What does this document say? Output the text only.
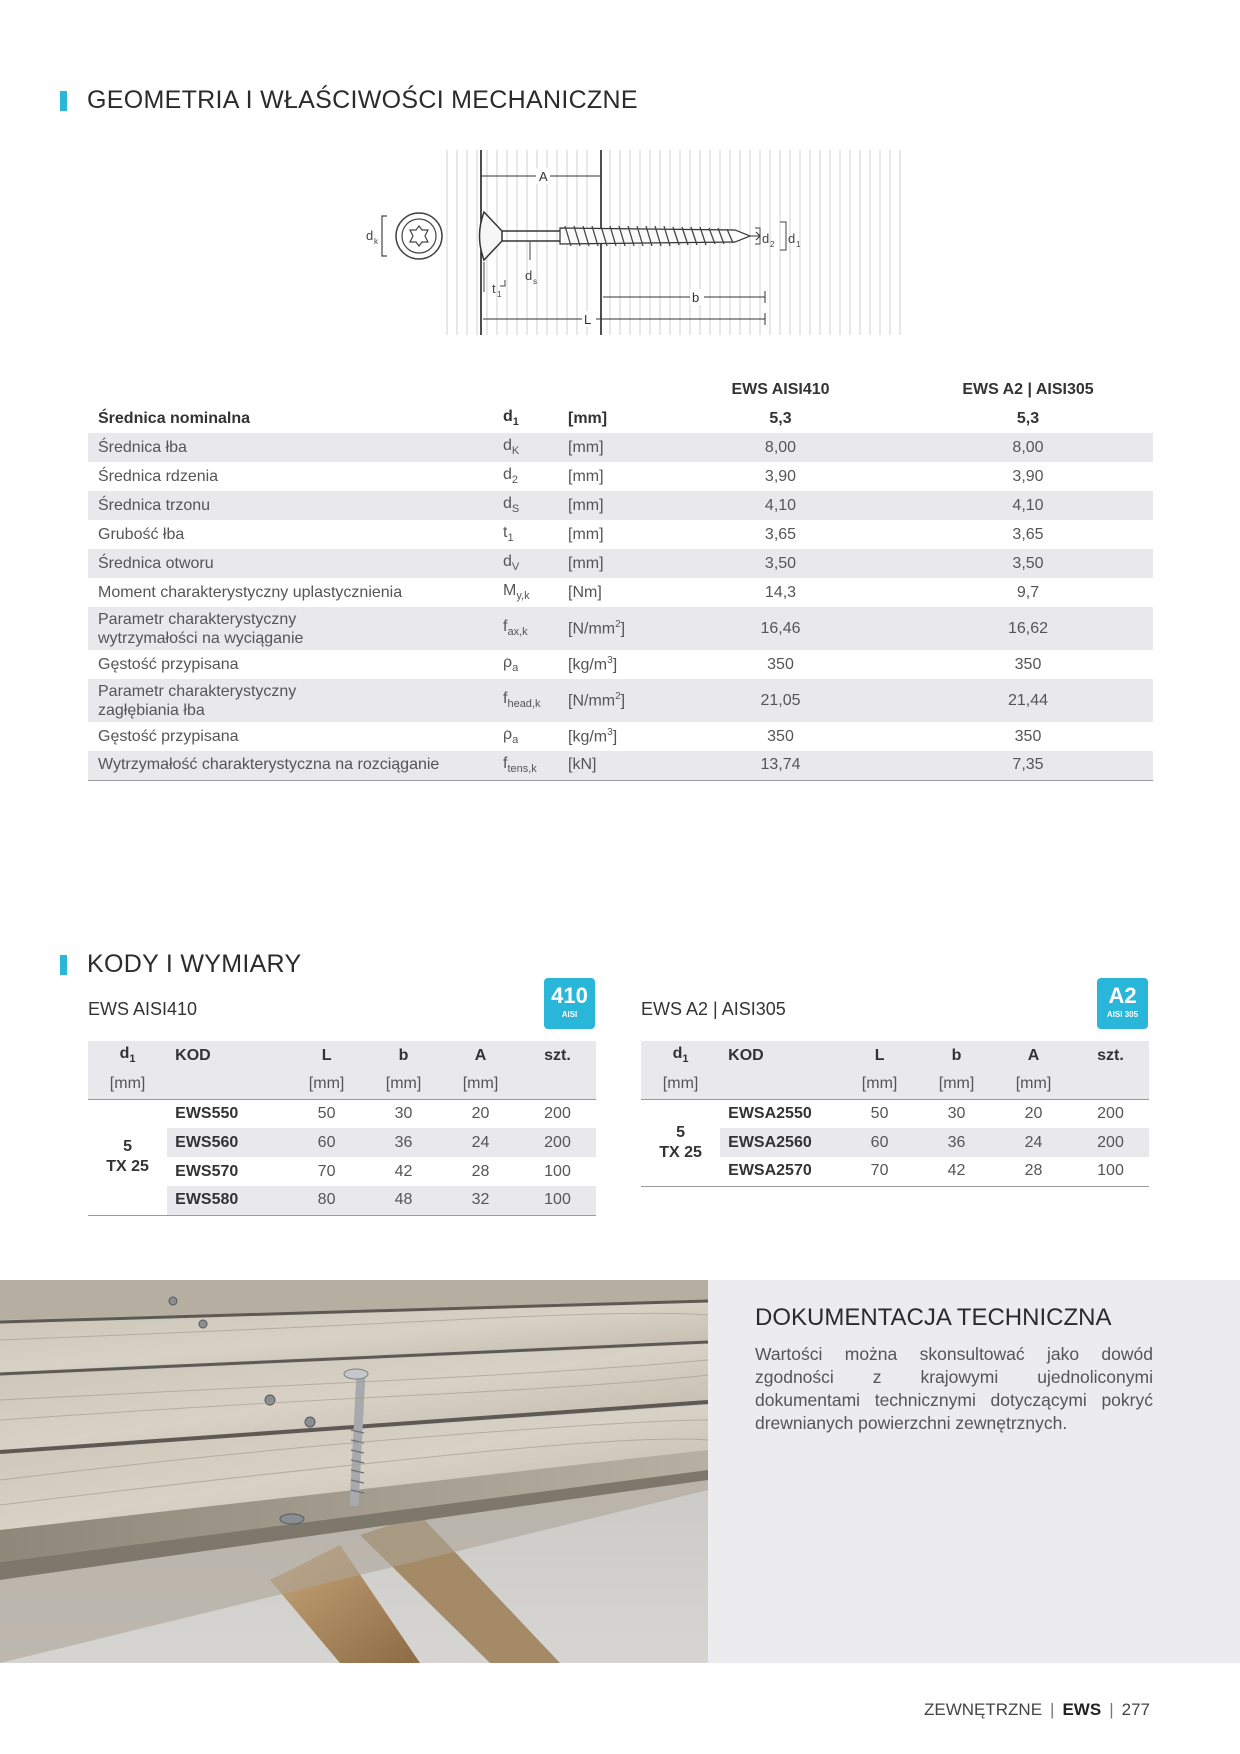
GEOMETRIA I WŁAŚCIWOŚCI MECHANICZNE
d k	d 2 d 1
A
d s
t 1	b
L
			EWS AISI410	EWS A2 | AISI305
Średnica nominalna	$d_1$	[mm]	5,3	5,3
Średnica łba	$d_K$	[mm]	8,00	8,00
Średnica rdzenia	$d_2$	[mm]	3,90	3,90
Średnica trzonu	$d_S$	[mm]	4,10	4,10
Grubość łba	$t_1$	[mm]	3,65	3,65
Średnica otworu	$d_V$	[mm]	3,50	3,50
Moment charakterystyczny uplastycznienia	$M_{y,k}$	[Nm]	14,3	9,7

Parametr charakterystyczny
wytrzymałości na wyciąganie	$f_{ax,k}$	$[N/mm^2]$	16,46	16,62
Gęstość przypisana	$\rho_a$	$[kg/m^3]$	350	350

Parametr charakterystyczny
zagłębiania łba	$f_{head,k}$	$[N/mm^2]$	21,05	21,44
Gęstość przypisana	$\rho_a$	$[kg/m^3]$	350	350
Wytrzymałość charakterystyczna na rozciąganie	$f_{tens,k}$	[kN]	13,74	7,35
KODY I WYMIARY
EWS AISI410
410
AISI
$d_1$	KOD	L	b	A	szt.
[mm]		[mm]	[mm]	[mm]	

5
TX 25	EWS550	50	30	20	200
	EWS560	60	36	24	200
	EWS570	70	42	28	100
	EWS580	80	48	32	100
EWS A2 | AISI305
A2
AISI 305
$d_1$	KOD	L	b	A	szt.
[mm]		[mm]	[mm]	[mm]	

5
TX 25	EWSA2550	50	30	20	200
	EWSA2560	60	36	24	200
	EWSA2570	70	42	28	100
DOKUMENTACJA TECHNICZNA
Wartości można skonsultować jako dowód zgodności z krajowymi ujednoliconymi dokumentami technicznymi dotyczącymi pokryć drewnianych powierzchni zewnętrznych.
ZEWNĘTRZNE | EWS | 277
